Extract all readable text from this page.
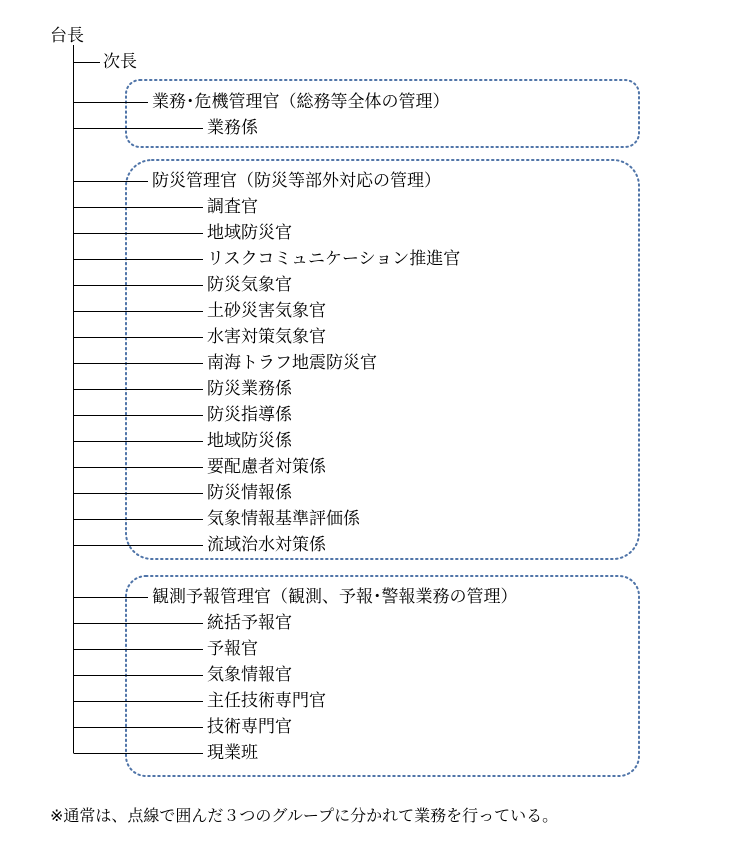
台長
次長
業務･危機管理官（総務等全体の管理）
業務係
防災管理官（防災等部外対応の管理）
調査官
地域防災官
リスクコミュニケーション推進官
防災気象官
土砂災害気象官
水害対策気象官
南海トラフ地震防災官
防災業務係
防災指導係
地域防災係
要配慮者対策係
防災情報係
気象情報基準評価係
流域治水対策係
観測予報管理官（観測、予報･警報業務の管理）
統括予報官
予報官
気象情報官
主任技術専門官
技術専門官
現業班
※通常は、点線で囲んだ３つのグループに分かれて業務を行っている。
